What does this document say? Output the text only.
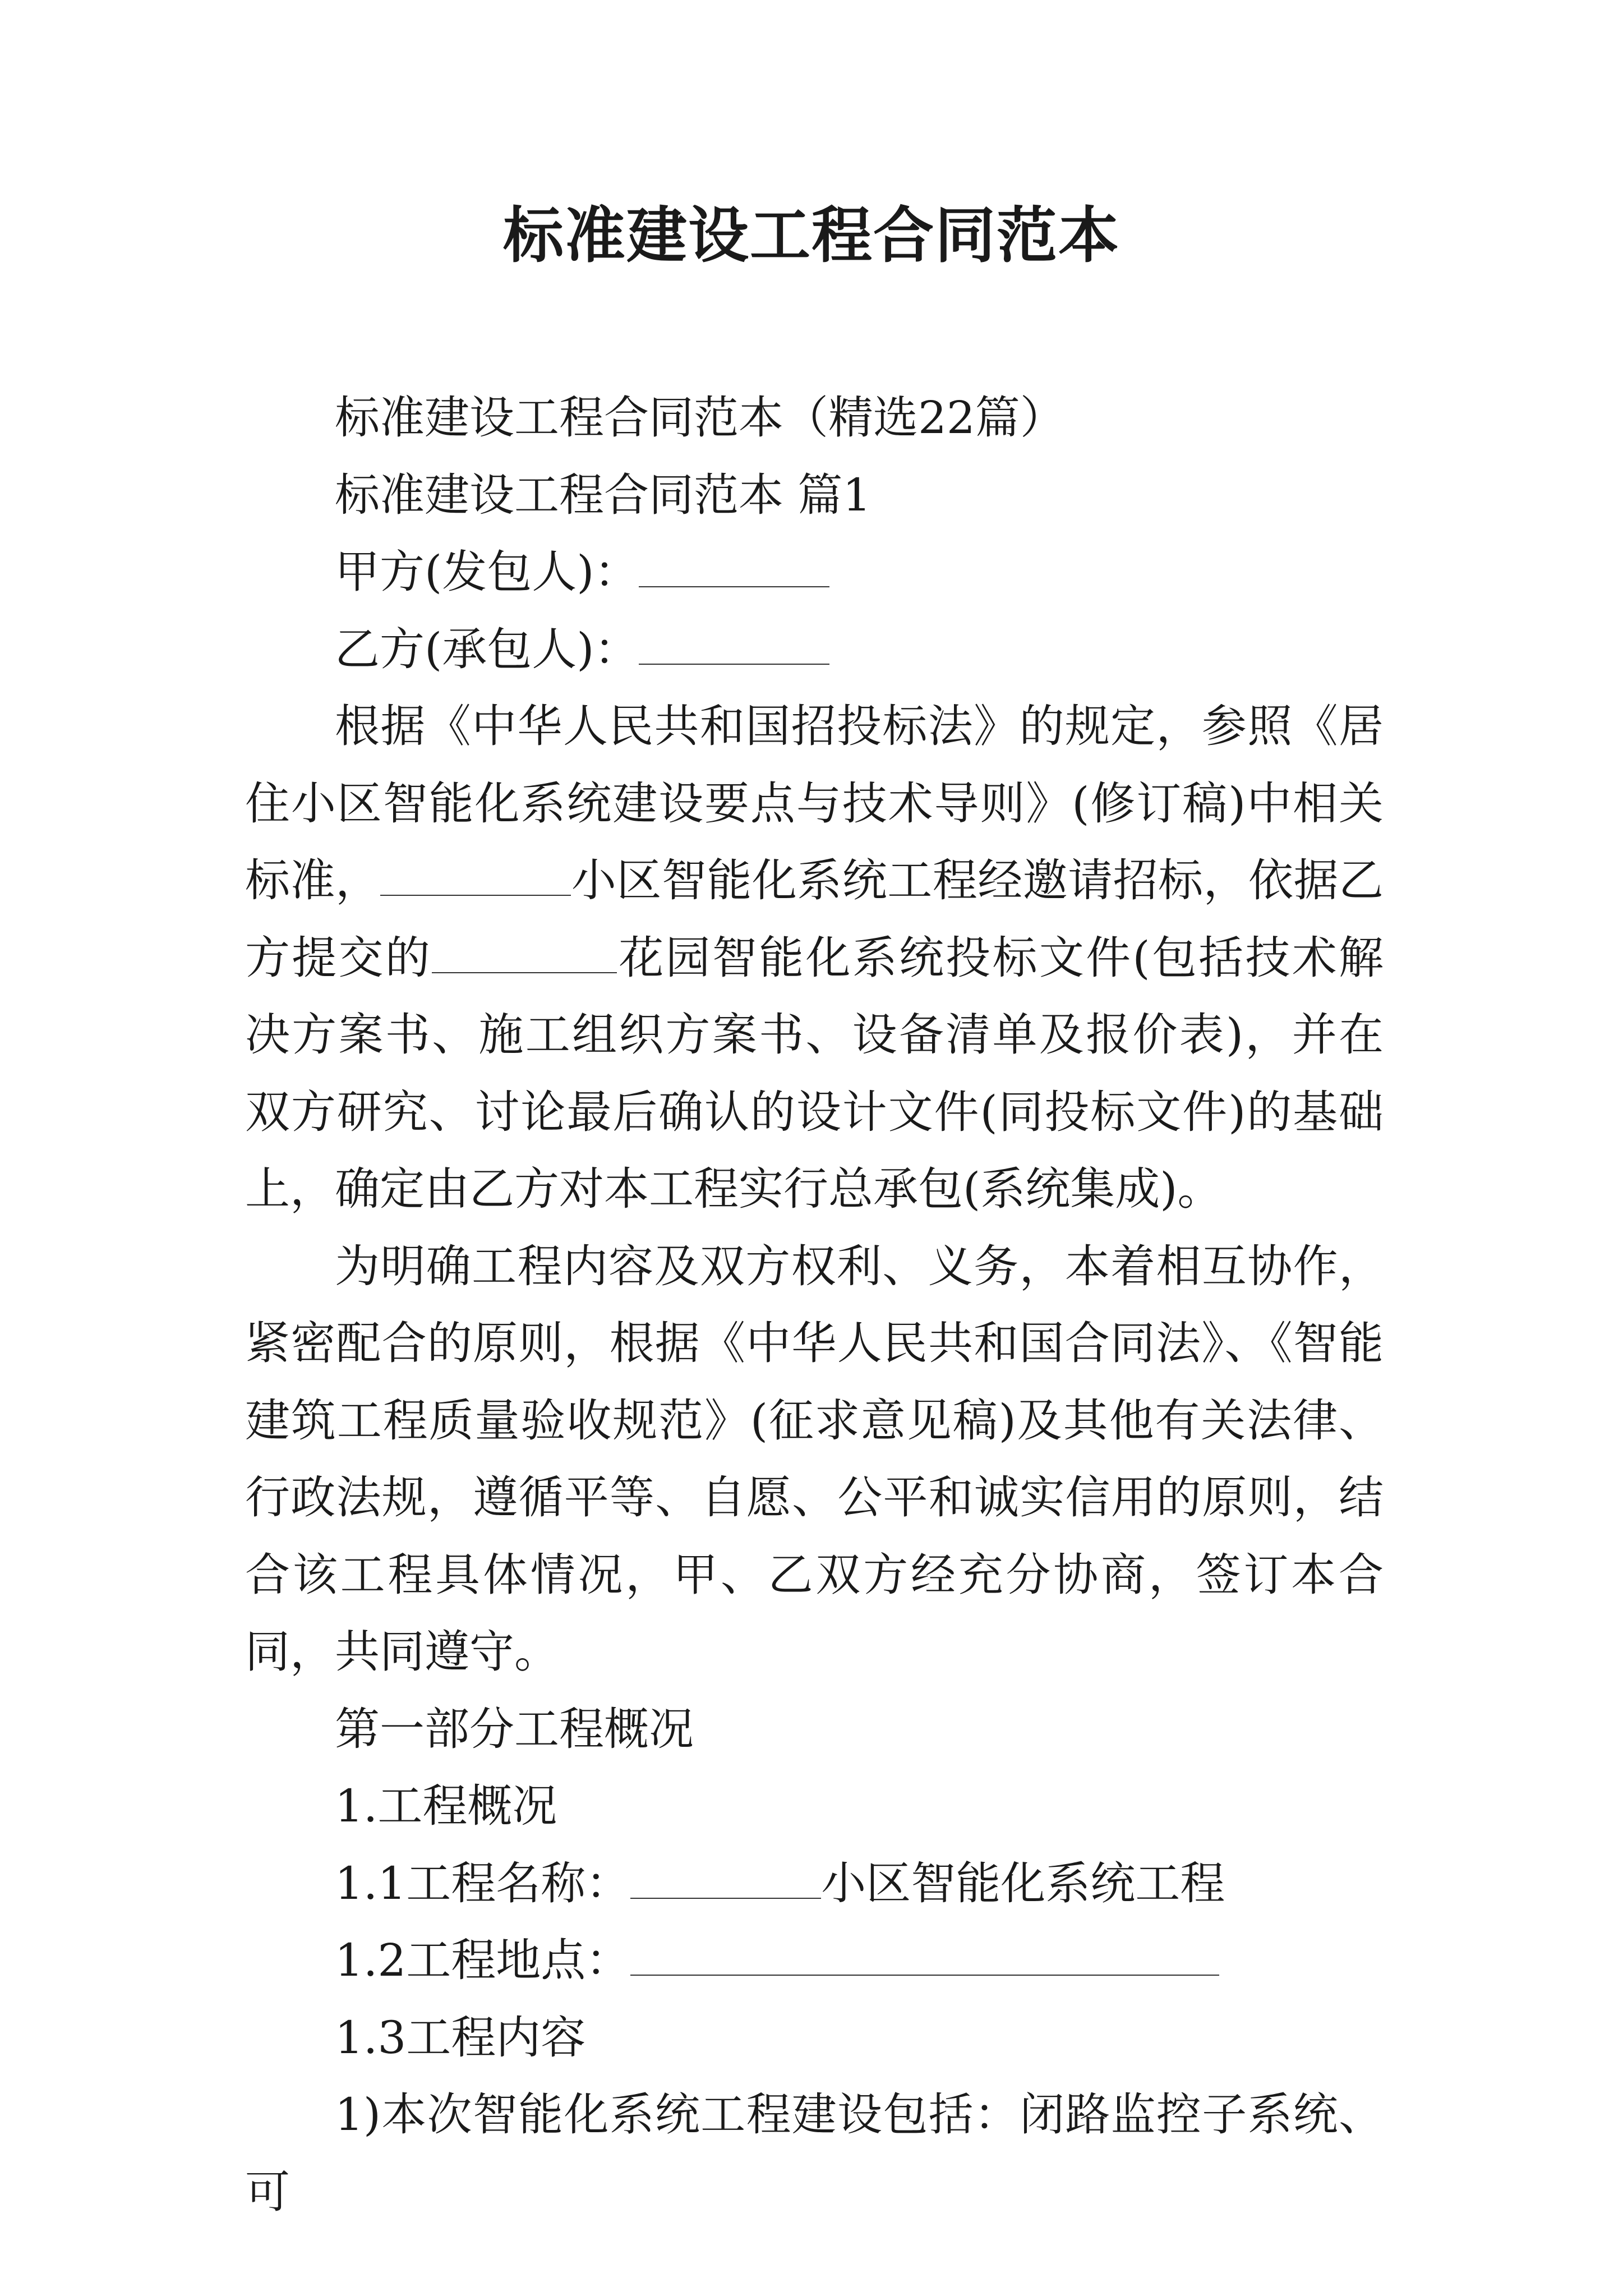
标准建设工程合同范本

标准建设工程合同范本（精选22篇）

标准建设工程合同范本 篇1

甲方(发包人)：

乙方(承包人)：

根据《中华人民共和国招投标法》的规定，参照《居住小区智能化系统建设要点与技术导则》(修订稿)中相关标准，	小区智能化系统工程经邀请招标，依据乙方提交的	花园智能化系统投标文件(包括技术解决方案书、施工组织方案书、设备清单及报价表)，并在双方研究、讨论最后确认的设计文件(同投标文件)的基础上，确定由乙方对本工程实行总承包(系统集成)。

为明确工程内容及双方权利、义务，本着相互协作，紧密配合的原则，根据《中华人民共和国合同法》、《智能建筑工程质量验收规范》(征求意见稿)及其他有关法律、行政法规，遵循平等、自愿、公平和诚实信用的原则，结合该工程具体情况，甲、乙双方经充分协商，签订本合同，共同遵守。

第一部分工程概况

1.工程概况

1.1工程名称：	小区智能化系统工程

1.2工程地点：

1.3工程内容

1)本次智能化系统工程建设包括：闭路监控子系统、可
